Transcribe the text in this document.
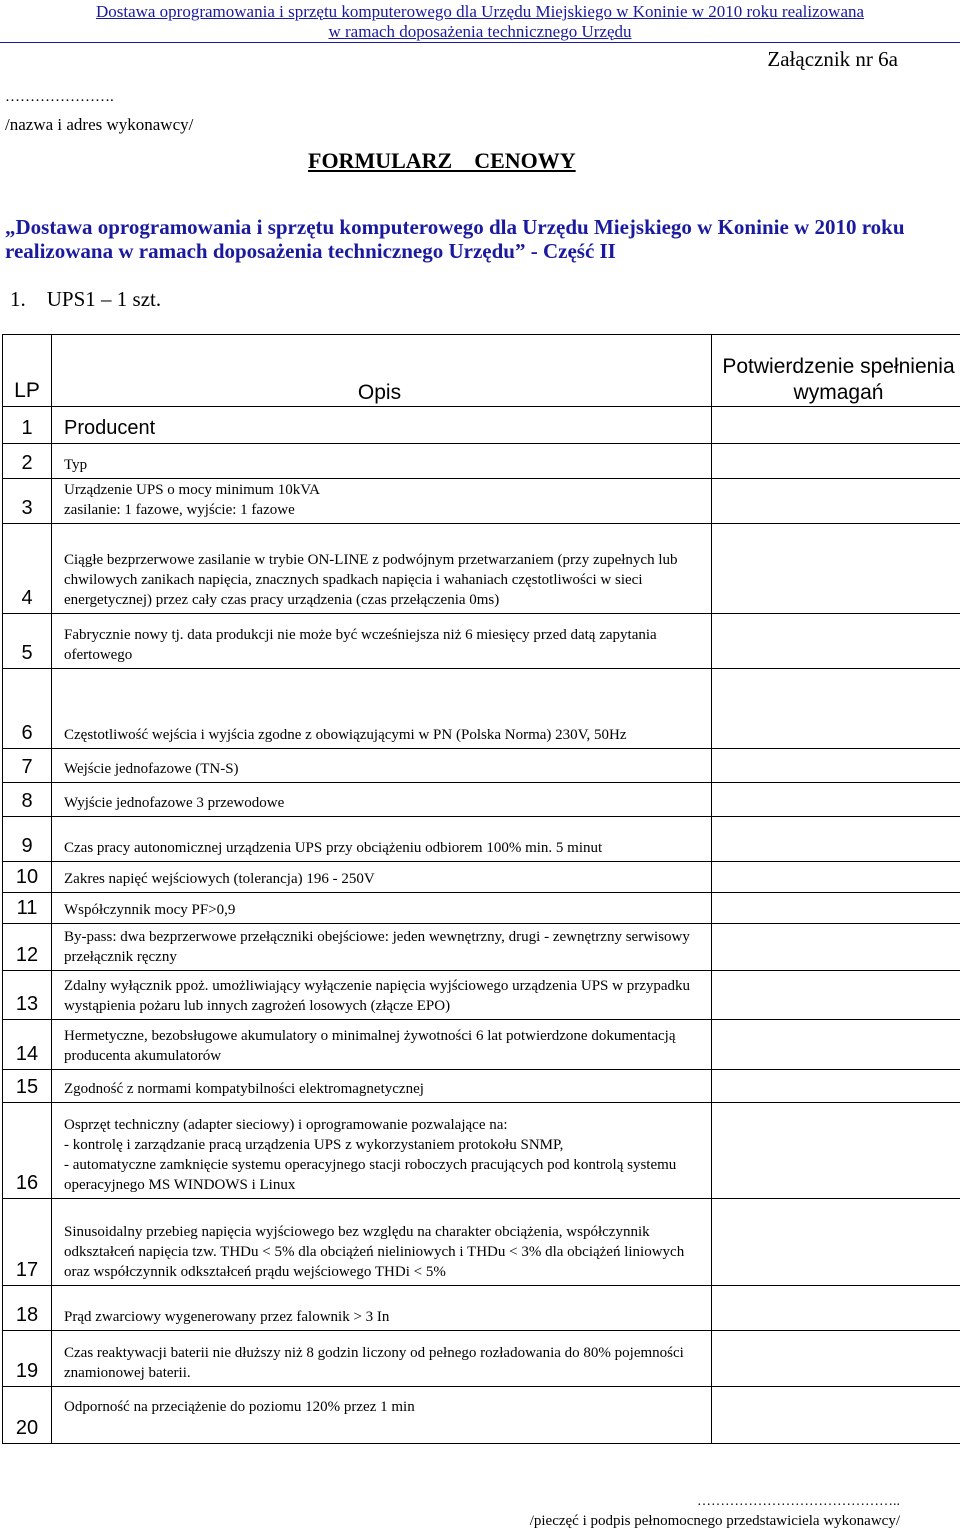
Dostawa oprogramowania i sprzętu komputerowego dla Urzędu Miejskiego w Koninie w 2010 roku realizowana
w ramach doposażenia technicznego Urzędu
Załącznik nr 6a
………………….
/nazwa i adres wykonawcy/
FORMULARZ    CENOWY
„Dostawa oprogramowania i sprzętu komputerowego dla Urzędu Miejskiego w Koninie w 2010 roku realizowana w ramach doposażenia technicznego Urzędu” - Część II
1. UPS1 – 1 szt.
LP	Opis	Potwierdzenie spełnienia wymagań
1	Producent	
2	Typ	
3	Urządzenie UPS o mocy minimum 10kVA
zasilanie: 1 fazowe, wyjście: 1 fazowe	
4	Ciągłe bezprzerwowe zasilanie w trybie ON-LINE z podwójnym przetwarzaniem (przy zupełnych lub chwilowych zanikach napięcia, znacznych spadkach napięcia i wahaniach częstotliwości w sieci energetycznej) przez cały czas pracy urządzenia (czas przełączenia 0ms)	
5	Fabrycznie nowy tj. data produkcji nie może być wcześniejsza niż 6 miesięcy przed datą zapytania ofertowego	
6	Częstotliwość wejścia i wyjścia zgodne z obowiązującymi w PN (Polska Norma) 230V, 50Hz	
7	Wejście jednofazowe (TN-S)	
8	Wyjście jednofazowe 3 przewodowe	
9	Czas pracy autonomicznej urządzenia UPS przy obciążeniu odbiorem 100% min. 5 minut	
10	Zakres napięć wejściowych (tolerancja) 196 - 250V	
11	Współczynnik mocy PF>0,9	
12	By-pass: dwa bezprzerwowe przełączniki obejściowe: jeden wewnętrzny, drugi - zewnętrzny serwisowy przełącznik ręczny	
13	Zdalny wyłącznik ppoż. umożliwiający wyłączenie napięcia wyjściowego urządzenia UPS w przypadku wystąpienia pożaru lub innych zagrożeń losowych (złącze EPO)	
14	Hermetyczne, bezobsługowe akumulatory o minimalnej żywotności 6 lat potwierdzone dokumentacją producenta akumulatorów	
15	Zgodność z normami kompatybilności elektromagnetycznej	
16	Osprzęt techniczny (adapter sieciowy) i oprogramowanie pozwalające na:
- kontrolę i zarządzanie pracą urządzenia UPS z wykorzystaniem protokołu SNMP,
- automatyczne zamknięcie systemu operacyjnego stacji roboczych pracujących pod kontrolą systemu operacyjnego MS WINDOWS i Linux	
17	Sinusoidalny przebieg napięcia wyjściowego bez względu na charakter obciążenia, współczynnik odkształceń napięcia tzw. THDu < 5% dla obciążeń nieliniowych i THDu < 3% dla obciążeń liniowych oraz współczynnik odkształceń prądu wejściowego THDi < 5%	
18	Prąd zwarciowy wygenerowany przez falownik > 3 In	
19	Czas reaktywacji baterii nie dłuższy niż 8 godzin liczony od pełnego rozładowania do 80% pojemności znamionowej baterii.	
20	Odporność na przeciążenie do poziomu 120% przez 1 min	
……………………………………..
/pieczęć i podpis pełnomocnego przedstawiciela wykonawcy/
